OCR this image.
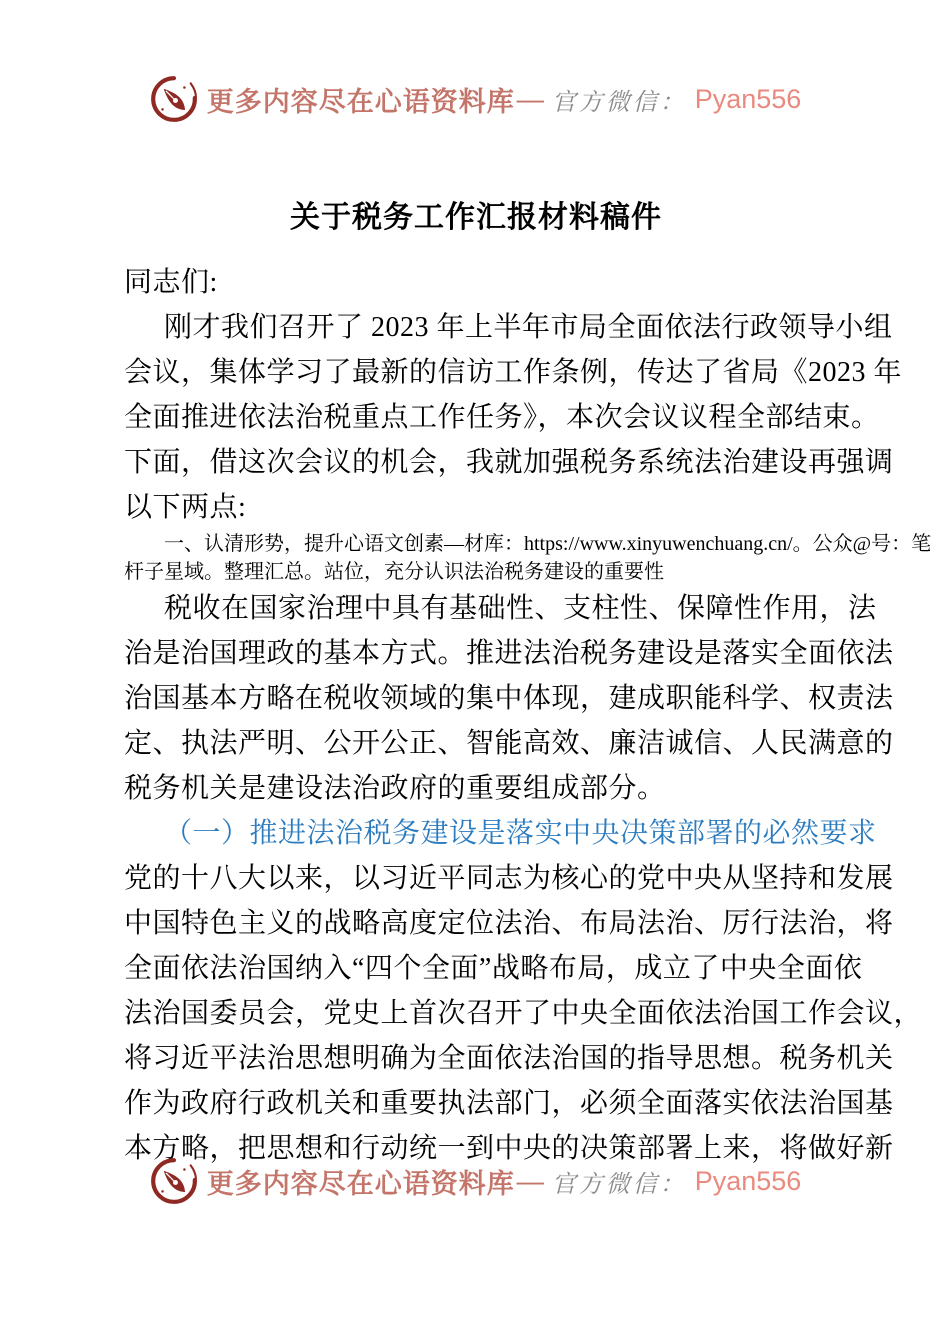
更多内容尽在心语资料库 — 官方微信： Pyan556
关于税务工作汇报材料稿件
同志们:
刚才我们召开了 2023 年上半年市局全面依法行政领导小组
会议，集体学习了最新的信访工作条例，传达了省局《2023 年
全面推进依法治税重点工作任务》，本次会议议程全部结束。
下面，借这次会议的机会，我就加强税务系统法治建设再强调
以下两点:
一、认清形势，提升心语文创素—材库：https://www.xinyuwenchuang.cn/。公众@号：笔
杆子星域。整理汇总。站位，充分认识法治税务建设的重要性
税收在国家治理中具有基础性、支柱性、保障性作用，法
治是治国理政的基本方式。推进法治税务建设是落实全面依法
治国基本方略在税收领域的集中体现，建成职能科学、权责法
定、执法严明、公开公正、智能高效、廉洁诚信、人民满意的
税务机关是建设法治政府的重要组成部分。
（一）推进法治税务建设是落实中央决策部署的必然要求
党的十八大以来，以习近平同志为核心的党中央从坚持和发展
中国特色主义的战略高度定位法治、布局法治、厉行法治，将
全面依法治国纳入“四个全面”战略布局，成立了中央全面依
法治国委员会，党史上首次召开了中央全面依法治国工作会议，
将习近平法治思想明确为全面依法治国的指导思想。税务机关
作为政府行政机关和重要执法部门，必须全面落实依法治国基
本方略，把思想和行动统一到中央的决策部署上来，将做好新
更多内容尽在心语资料库 — 官方微信： Pyan556
